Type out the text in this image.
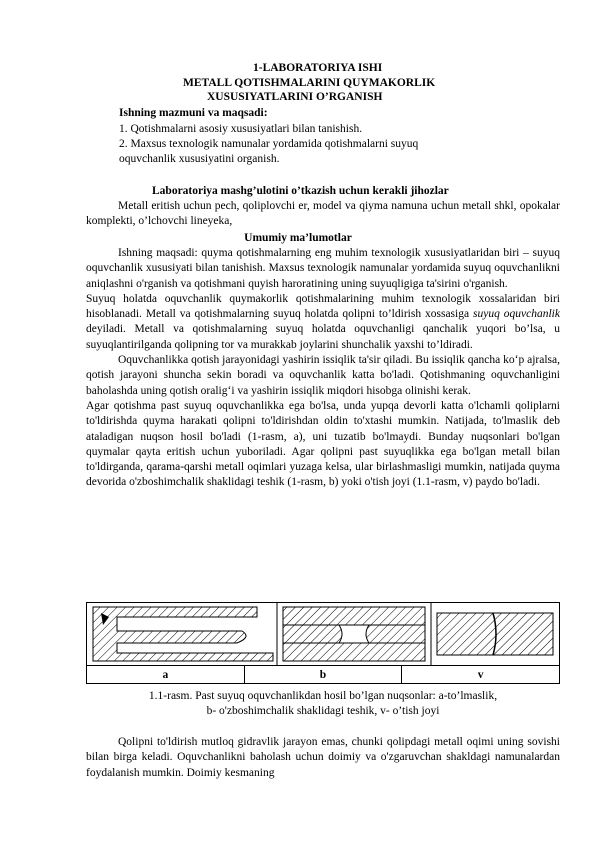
1-LABORATORIYA ISHI
METALL QOTISHMALARINI QUYMAKORLIK
XUSUSIYATLARINI O’RGANISH
Ishning mazmuni va maqsadi:
1. Qotishmalarni asosiy xususiyatlari bilan tanishish.
2. Maxsus texnologik namunalar yordamida qotishmalarni suyuq
oquvchanlik xususiyatini organish.
Laboratoriya mashg’ulotini o’tkazish uchun kerakli jihozlar
Metall eritish uchun pech, qoliplovchi er, model va qiyma namuna uchun metall shkl, opokalar komplekti, o’lchovchi lineyeka,
Umumiy ma’lumotlar

Ishning maqsadi: quyma qotishmalarning eng muhim texnologik xususiyatlaridan biri – suyuq oquvchanlik xususiyati bilan tanishish. Maxsus texnologik namunalar yordamida suyuq oquvchanlikni aniqlashni o'rganish va qotishmani quyish haroratining uning suyuqligiga ta'sirini o'rganish.

Suyuq holatda oquvchanlik quymakorlik qotishmalarining muhim texnologik xossalaridan biri hisoblanadi. Metall va qotishmalarning suyuq holatda qolipni to’ldirish xossasiga suyuq oquvchanlik deyiladi. Metall va qotishmalarning suyuq holatda oquvchanligi qanchalik yuqori bo’lsa, u suyuqlantirilganda qolipning tor va murakkab joylarini shunchalik yaxshi to’ldiradi.

Oquvchanlikka qotish jarayonidagi yashirin issiqlik ta'sir qiladi. Bu issiqlik qancha ko‘p ajralsa, qotish jarayoni shuncha sekin boradi va oquvchanlik katta bo'ladi. Qotishmaning oquvchanligini baholashda uning qotish oralig‘i va yashirin issiqlik miqdori hisobga olinishi kerak.

Agar qotishma past suyuq oquvchanlikka ega bo'lsa, unda yupqa devorli katta o'lchamli qoliplarni to'ldirishda quyma harakati qolipni to'ldirishdan oldin to'xtashi mumkin. Natijada, to'lmaslik deb ataladigan nuqson hosil bo'ladi (1-rasm, a), uni tuzatib bo'lmaydi. Bunday nuqsonlari bo'lgan quymalar qayta eritish uchun yuboriladi. Agar qolipni past suyuqlikka ega bo'lgan metall bilan to'ldirganda, qarama-qarshi metall oqimlari yuzaga kelsa, ular birlashmasligi mumkin, natijada quyma devorida o'zboshimchalik shaklidagi teshik (1-rasm, b) yoki o'tish joyi (1.1-rasm, v) paydo bo'ladi.

a	b	v
1.1-rasm. Past suyuq oquvchanlikdan hosil bo’lgan nuqsonlar: a-to’lmaslik,
b- o'zboshimchalik shaklidagi teshik, v- o’tish joyi
Qolipni to'ldirish mutloq gidravlik jarayon emas, chunki qolipdagi metall oqimi uning sovishi bilan birga keladi. Oquvchanlikni baholash uchun doimiy va o'zgaruvchan shakldagi namunalardan foydalanish mumkin. Doimiy kesmaning
